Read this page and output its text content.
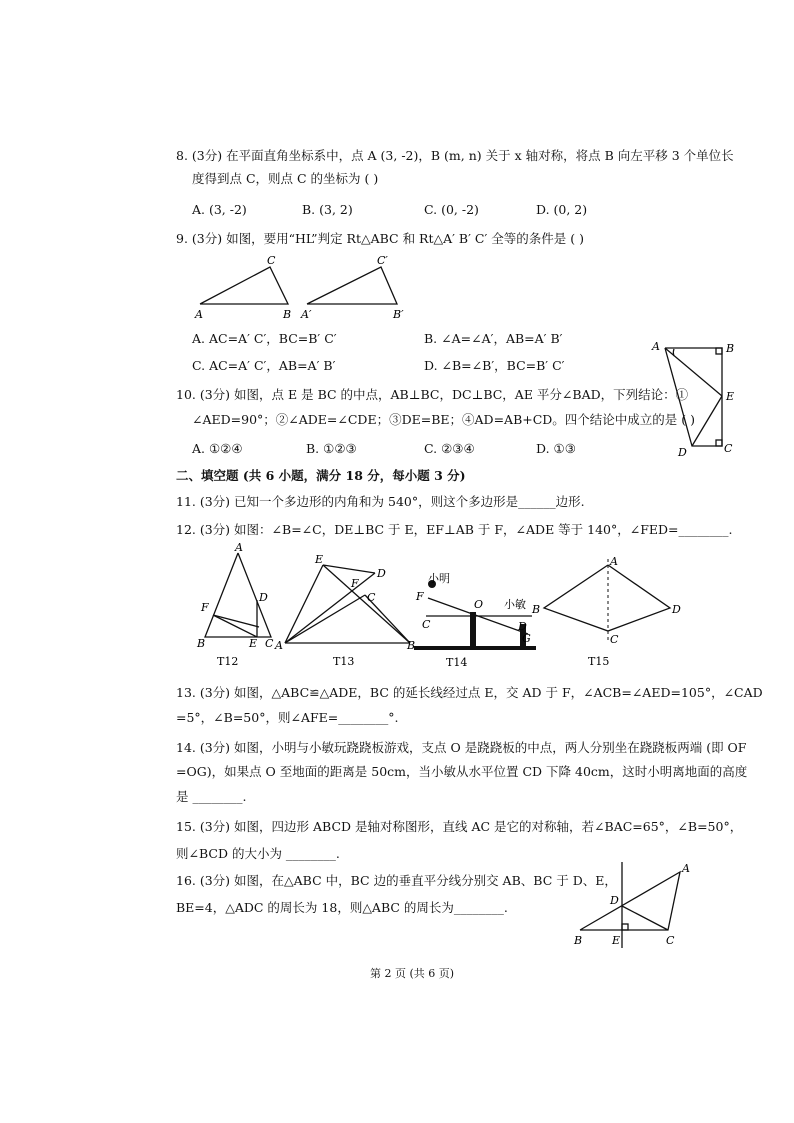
8. (3分) 在平面直角坐标系中，点 A (3, -2)，B (m, n) 关于 x 轴对称，将点 B 向左平移 3 个单位长
度得到点 C，则点 C 的坐标为 ( )
A. (3, -2)	B. (3, 2)	C. (0, -2)	D. (0, 2)
9. (3分) 如图，要用“HL”判定 Rt△ABC 和 Rt△A′ B′ C′ 全等的条件是 ( )
A
C
B A′
C′
B′
A. AC=A′ C′，BC=B′ C′	B. ∠A=∠A′，AB=A′ B′
C. AC=A′ C′，AB=A′ B′	D. ∠B=∠B′，BC=B′ C′
A	B
E
D	C
10. (3分) 如图，点 E 是 BC 的中点，AB⊥BC，DC⊥BC，AE 平分∠BAD，下列结论：①
∠AED=90°；②∠ADE=∠CDE；③DE=BE；④AD=AB+CD。四个结论中成立的是 ( )
A. ①②④	B. ①②③	C. ②③④	D. ①③
二、填空题 (共 6 小题，满分 18 分，每小题 3 分)
11. (3分) 已知一个多边形的内角和为 540°，则这个多边形是______边形.
12. (3分) 如图：∠B=∠C，DE⊥BC 于 E，EF⊥AB 于 F，∠ADE 等于 140°，∠FED=________.
A
F
D
B	E C
T12
E
F
D
C
A	B
T13
小明
小敏
F
O
C	D
G
T14
A
B	D
C
T15
13. (3分) 如图，△ABC≌△ADE，BC 的延长线经过点 E，交 AD 于 F，∠ACB=∠AED=105°，∠CAD
=5°，∠B=50°，则∠AFE=________°.
14. (3分) 如图，小明与小敏玩跷跷板游戏，支点 O 是跷跷板的中点，两人分别坐在跷跷板两端 (即 OF
=OG)，如果点 O 至地面的距离是 50cm，当小敏从水平位置 CD 下降 40cm，这时小明离地面的高度
是 ________.
15. (3分) 如图，四边形 ABCD 是轴对称图形，直线 AC 是它的对称轴，若∠BAC=65°，∠B=50°，
则∠BCD 的大小为 ________.
16. (3分) 如图，在△ABC 中，BC 边的垂直平分线分别交 AB、BC 于 D、E，
BE=4，△ADC 的周长为 18，则△ABC 的周长为________.
A
D
B	E	C
第 2 页 (共 6 页)
